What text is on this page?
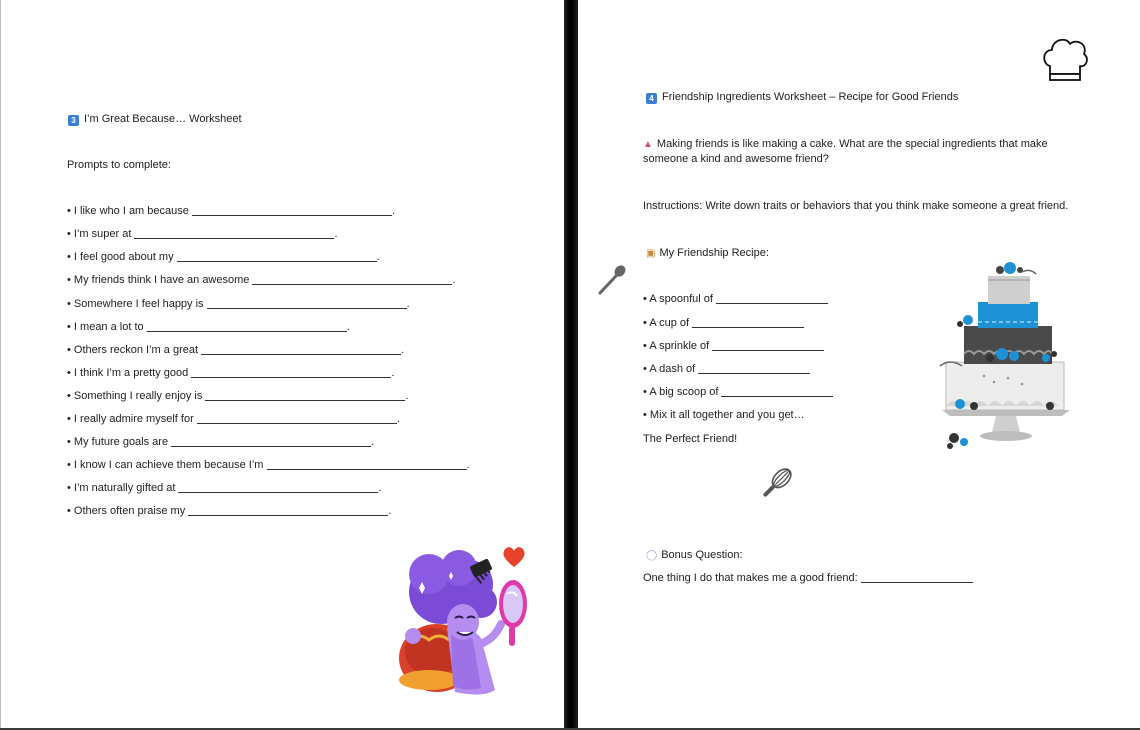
3 I’m Great Because… Worksheet
Prompts to complete:
• I like who I am because	.
• I’m super at	.
• I feel good about my	.
• My friends think I have an awesome	.
• Somewhere I feel happy is	.
• I mean a lot to	.
• Others reckon I’m a great	.
• I think I’m a pretty good	.
• Something I really enjoy is	.
• I really admire myself for	.
• My future goals are	.
• I know I can achieve them because I’m	.
• I’m naturally gifted at	.
• Others often praise my	.
4 Friendship Ingredients Worksheet – Recipe for Good Friends
▲ Making friends is like making a cake. What are the special ingredients that make someone a kind and awesome friend?
Instructions: Write down traits or behaviors that you think make someone a great friend.
▣ My Friendship Recipe:
• A spoonful of
• A cup of
• A sprinkle of
• A dash of
• A big scoop of
• Mix it all together and you get…
The Perfect Friend!
◯ Bonus Question:
One thing I do that makes me a good friend:
